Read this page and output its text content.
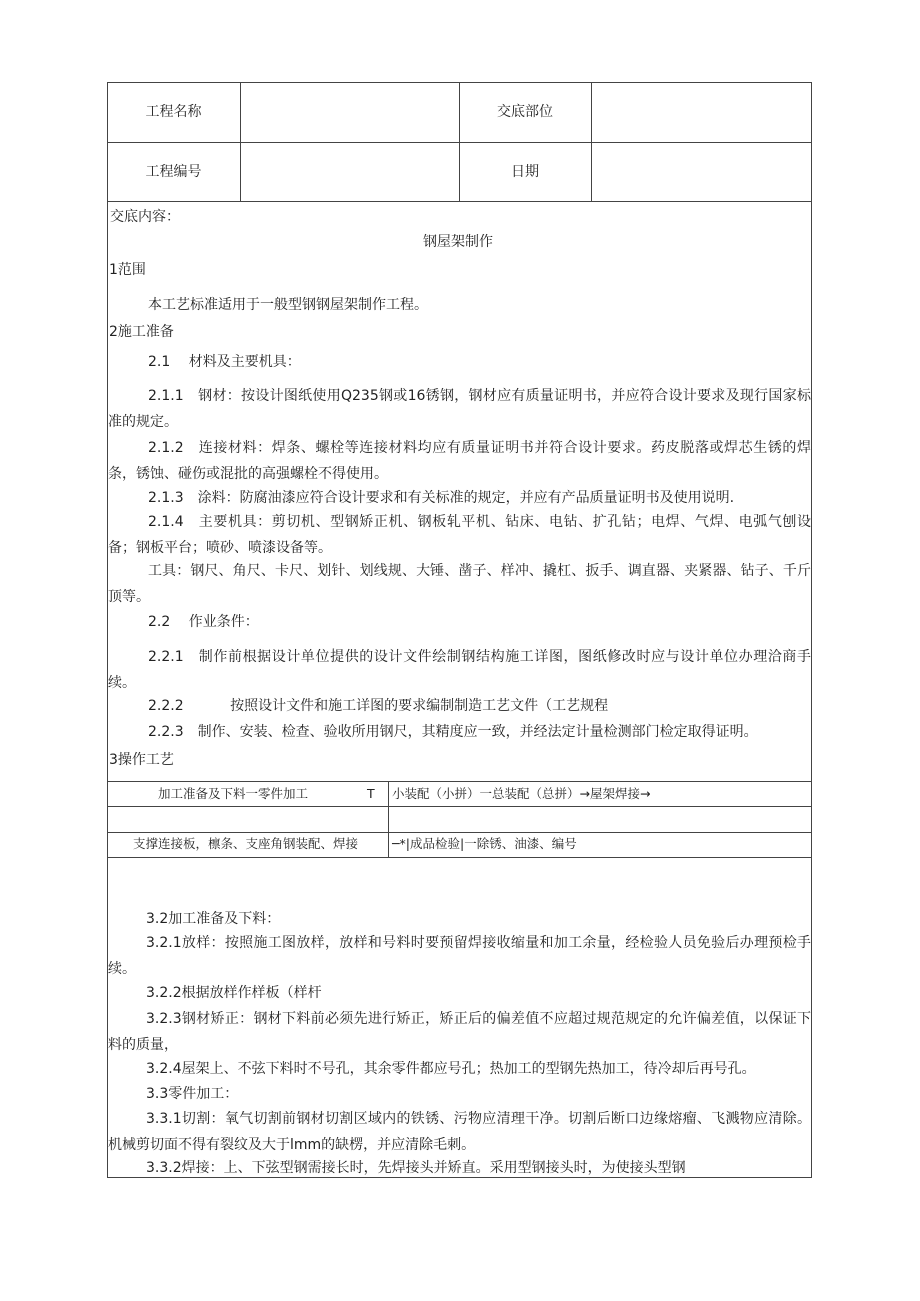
工程名称	交底部位
工程编号	日期
交底内容：
钢屋架制作
1范围

本工艺标准适用于一般型钢钢屋架制作工程。

2施工准备

2.1　 材料及主要机具：

2.1.1　钢材：按设计图纸使用Q235钢或16锈钢，钢材应有质量证明书，并应符合设计要求及现行国家标准的规定。

2.1.2　连接材料：焊条、螺栓等连接材料均应有质量证明书并符合设计要求。药皮脱落或焊芯生锈的焊条，锈蚀、碰伤或混批的高强螺栓不得使用。

2.1.3　涂料：防腐油漆应符合设计要求和有关标准的规定，并应有产品质量证明书及使用说明.

2.1.4　主要机具：剪切机、型钢矫正机、钢板轧平机、钻床、电钻、扩孔钻；电焊、气焊、电弧气刨设备；钢板平台；喷砂、喷漆设备等。

工具：钢尺、角尺、卡尺、划针、划线规、大锤、凿子、样冲、撬杠、扳手、调直器、夹紧器、钻子、千斤顶等。

2.2　 作业条件：

2.2.1　制作前根据设计单位提供的设计文件绘制钢结构施工详图，图纸修改时应与设计单位办理洽商手续。

2.2.2　　　 按照设计文件和施工详图的要求编制制造工艺文件（工艺规程

2.2.3　制作、安装、检查、验收所用钢尺，其精度应一致，并经法定计量检测部门检定取得证明。

3操作工艺
加工准备及下料一零件加工	T 小装配（小拼）一总装配（总拼）→屋架焊接→
支撑连接板，檩条、支座角钢装配、焊接	─*|成品检验|一除锈、油漆、编号

3.2加工准备及下料：

3.2.1放样：按照施工图放样，放样和号料时要预留焊接收缩量和加工余量，经检验人员免验后办理预检手续。

3.2.2根据放样作样板（样杆

3.2.3钢材矫正：钢材下料前必须先进行矫正，矫正后的偏差值不应超过规范规定的允许偏差值，以保证下料的质量，

3.2.4屋架上、不弦下料时不号孔，其余零件都应号孔；热加工的型钢先热加工，待冷却后再号孔。

3.3零件加工：

3.3.1切割：氧气切割前钢材切割区域内的铁锈、污物应清理干净。切割后断口边缘熔瘤、飞溅物应清除。机械剪切面不得有裂纹及大于lmm的缺楞，并应清除毛刺。

3.3.2焊接：上、下弦型钢需接长时，先焊接头并矫直。采用型钢接头时，为使接头型钢
